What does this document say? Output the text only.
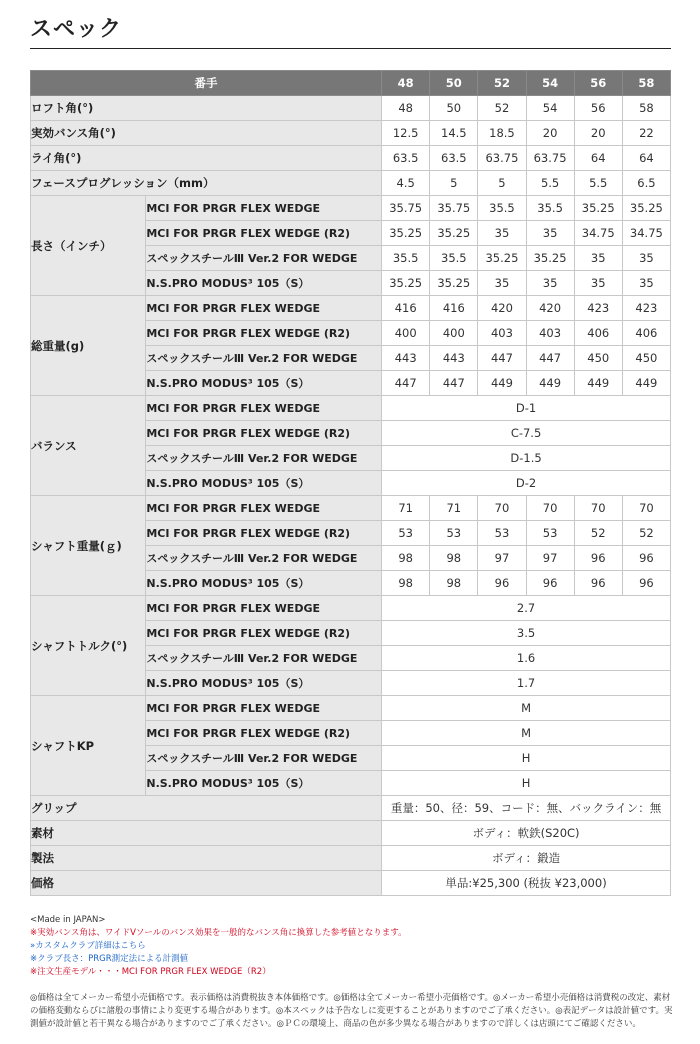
スペック
番手		48	50	52	54	56	58
ロフト角(°)		48	50	52	54	56	58
実効バンス角(°)		12.5	14.5	18.5	20	20	22
ライ角(°)		63.5	63.5	63.75	63.75	64	64
フェースプログレッション（mm）		4.5	5	5	5.5	5.5	6.5
長さ（インチ）	MCI FOR PRGR FLEX WEDGE	35.75	35.75	35.5	35.5	35.25	35.25
	MCI FOR PRGR FLEX WEDGE (R2)	35.25	35.25	35	35	34.75	34.75
	スペックスチールⅢ Ver.2 FOR WEDGE	35.5	35.5	35.25	35.25	35	35
	N.S.PRO MODUS³ 105（S）	35.25	35.25	35	35	35	35
総重量(g)	MCI FOR PRGR FLEX WEDGE	416	416	420	420	423	423
	MCI FOR PRGR FLEX WEDGE (R2)	400	400	403	403	406	406
	スペックスチールⅢ Ver.2 FOR WEDGE	443	443	447	447	450	450
	N.S.PRO MODUS³ 105（S）	447	447	449	449	449	449
バランス	MCI FOR PRGR FLEX WEDGE	D-1					
	MCI FOR PRGR FLEX WEDGE (R2)	C-7.5					
	スペックスチールⅢ Ver.2 FOR WEDGE	D-1.5					
	N.S.PRO MODUS³ 105（S）	D-2					
シャフト重量(ｇ)	MCI FOR PRGR FLEX WEDGE	71	71	70	70	70	70
	MCI FOR PRGR FLEX WEDGE (R2)	53	53	53	53	52	52
	スペックスチールⅢ Ver.2 FOR WEDGE	98	98	97	97	96	96
	N.S.PRO MODUS³ 105（S）	98	98	96	96	96	96
シャフトトルク(°)	MCI FOR PRGR FLEX WEDGE	2.7					
	MCI FOR PRGR FLEX WEDGE (R2)	3.5					
	スペックスチールⅢ Ver.2 FOR WEDGE	1.6					
	N.S.PRO MODUS³ 105（S）	1.7					
シャフトKP	MCI FOR PRGR FLEX WEDGE	M					
	MCI FOR PRGR FLEX WEDGE (R2)	M					
	スペックスチールⅢ Ver.2 FOR WEDGE	H					
	N.S.PRO MODUS³ 105（S）	H					
グリップ		重量：50、径：59、コード：無、バックライン：無					
素材		ボディ：軟鉄(S20C)					
製法		ボディ：鍛造					
価格		単品:¥25,300 (税抜 ¥23,000)					
<Made in JAPAN>
※実効バンス角は、ワイドVソールのバンス効果を一般的なバンス角に換算した参考値となります。
»カスタムクラブ詳細はこちら
※クラブ長さ：PRGR測定法による計測値
※注文生産モデル・・・MCI FOR PRGR FLEX WEDGE（R2）
◎価格は全てメーカー希望小売価格です。表示価格は消費税抜き本体価格です。◎価格は全てメーカー希望小売価格です。◎メーカー希望小売価格は消費税の改定、素材の価格変動ならびに諸般の事情により変更する場合があります。◎本スペックは予告なしに変更することがありますのでご了承ください。◎表記データは設計値です。実測値が設計値と若干異なる場合がありますのでご了承ください。◎ＰＣの環境上、商品の色が多少異なる場合がありますので詳しくは店頭にてご確認ください。
